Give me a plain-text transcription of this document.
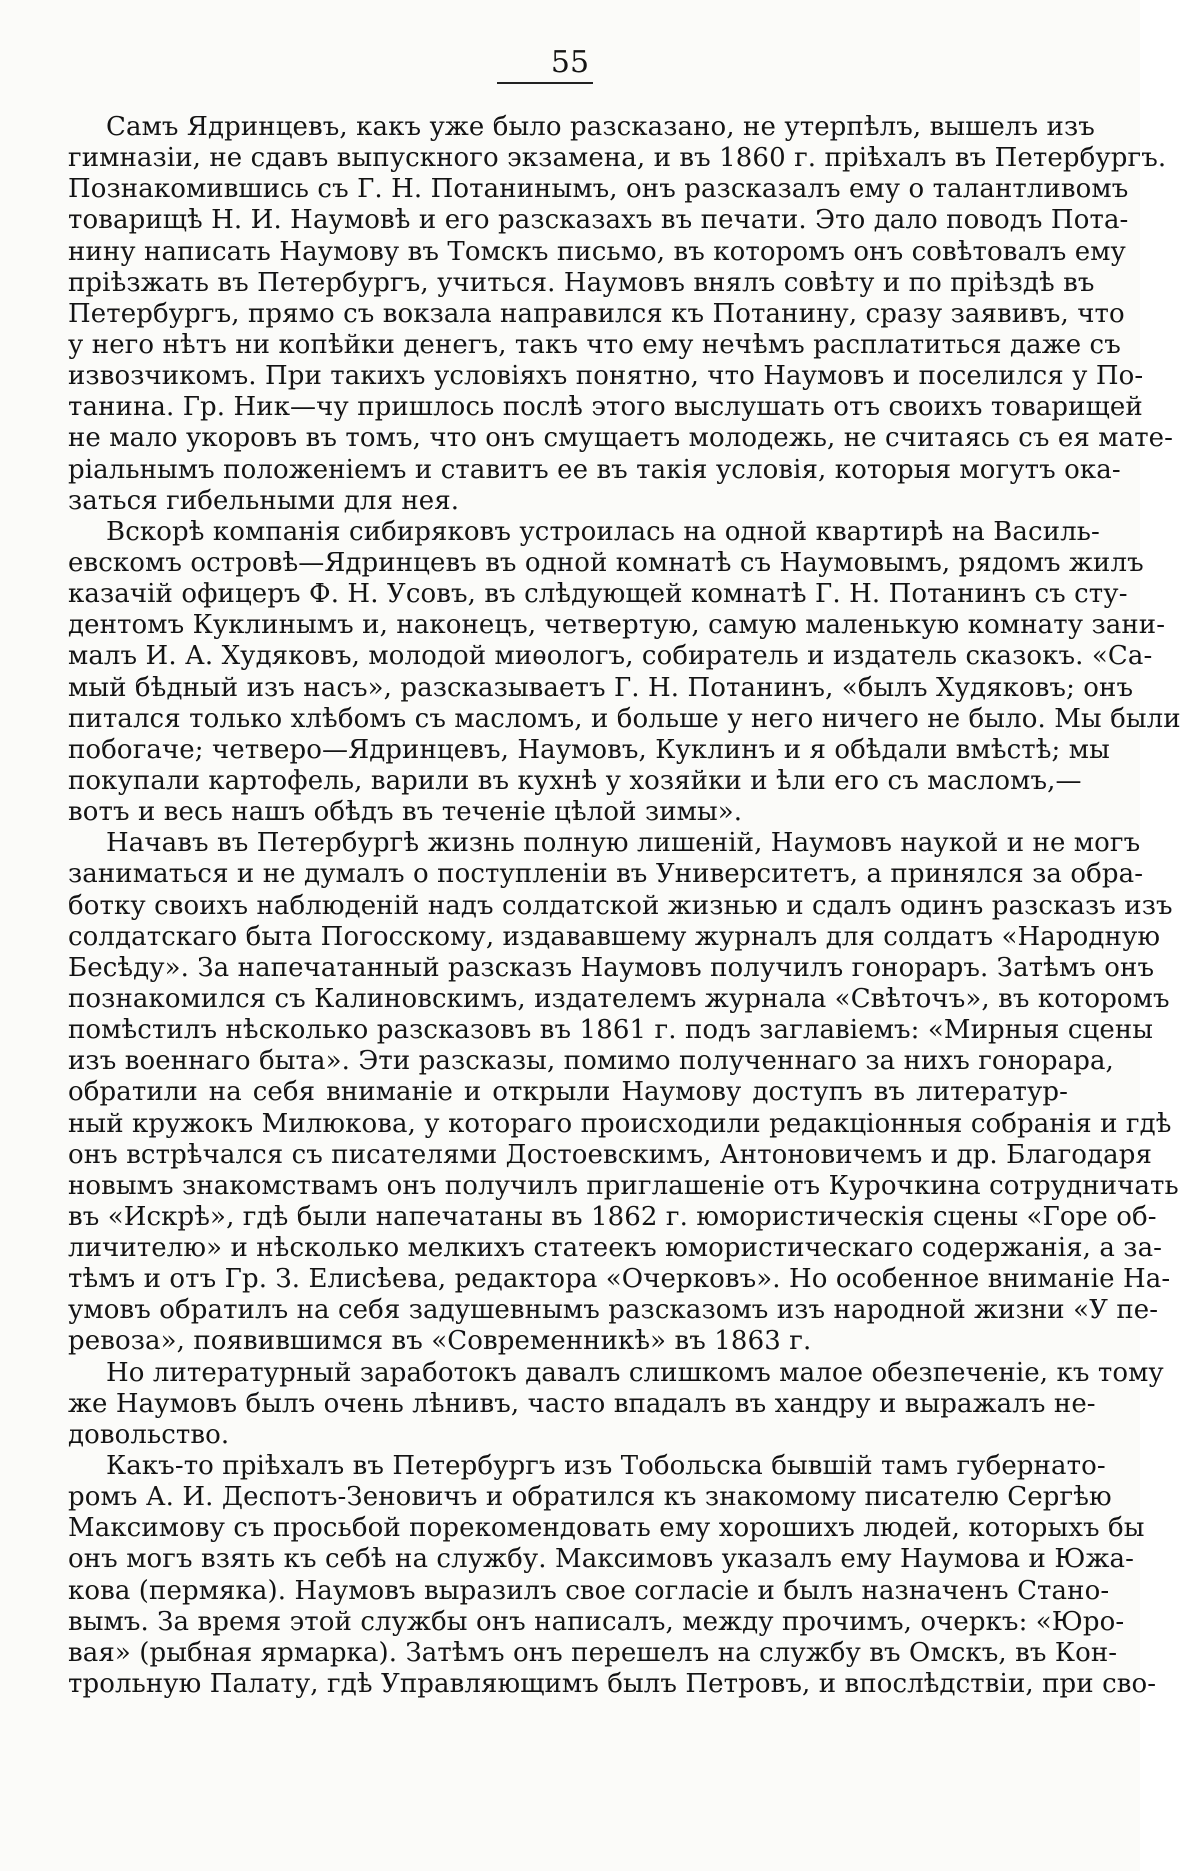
55
Самъ Ядринцевъ, какъ уже было разсказано, не утерпѣлъ, вышелъ изъ
гимназіи, не сдавъ выпускного экзамена, и въ 1860 г. пріѣхалъ въ Петербургъ.
Познакомившись съ Г. Н. Потанинымъ, онъ разсказалъ ему о талантливомъ
товарищѣ Н. И. Наумовѣ и его разсказахъ въ печати. Это дало поводъ Пота-
нину написать Наумову въ Томскъ письмо, въ которомъ онъ совѣтовалъ ему
пріѣзжать въ Петербургъ, учиться. Наумовъ внялъ совѣту и по пріѣздѣ въ
Петербургъ, прямо съ вокзала направился къ Потанину, сразу заявивъ, что
у него нѣтъ ни копѣйки денегъ, такъ что ему нечѣмъ расплатиться даже съ
извозчикомъ. При такихъ условіяхъ понятно, что Наумовъ и поселился у По-
танина. Гр. Ник—чу пришлось послѣ этого выслушать отъ своихъ товарищей
не мало укоровъ въ томъ, что онъ смущаетъ молодежь, не считаясь съ ея мате-
ріальнымъ положеніемъ и ставитъ ее въ такія условія, которыя могутъ ока-
заться гибельными для нея.
Вскорѣ компанія сибиряковъ устроилась на одной квартирѣ на Василь-
евскомъ островѣ—Ядринцевъ въ одной комнатѣ съ Наумовымъ, рядомъ жилъ
казачій офицеръ Ф. Н. Усовъ, въ слѣдующей комнатѣ Г. Н. Потанинъ съ сту-
дентомъ Куклинымъ и, наконецъ, четвертую, самую маленькую комнату зани-
малъ И. А. Худяковъ, молодой миѳологъ, собиратель и издатель сказокъ. «Са-
мый бѣдный изъ насъ», разсказываетъ Г. Н. Потанинъ, «былъ Худяковъ; онъ
питался только хлѣбомъ съ масломъ, и больше у него ничего не было. Мы были
побогаче; четверо—Ядринцевъ, Наумовъ, Куклинъ и я обѣдали вмѣстѣ; мы
покупали картофель, варили въ кухнѣ у хозяйки и ѣли его съ масломъ,—
вотъ и весь нашъ обѣдъ въ теченіе цѣлой зимы».
Начавъ въ Петербургѣ жизнь полную лишеній, Наумовъ наукой и не могъ
заниматься и не думалъ о поступленіи въ Университетъ, а принялся за обра-
ботку своихъ наблюденій надъ солдатской жизнью и сдалъ одинъ разсказъ изъ
солдатскаго быта Погосскому, издававшему журналъ для солдатъ «Народную
Бесѣду». За напечатанный разсказъ Наумовъ получилъ гонораръ. Затѣмъ онъ
познакомился съ Калиновскимъ, издателемъ журнала «Свѣточъ», въ которомъ
помѣстилъ нѣсколько разсказовъ въ 1861 г. подъ заглавіемъ: «Мирныя сцены
изъ военнаго быта». Эти разсказы, помимо полученнаго за нихъ гонорара,
обратили на себя вниманіе и открыли Наумову доступъ въ литератур-
ный кружокъ Милюкова, у котораго происходили редакціонныя собранія и гдѣ
онъ встрѣчался съ писателями Достоевскимъ, Антоновичемъ и др. Благодаря
новымъ знакомствамъ онъ получилъ приглашеніе отъ Курочкина сотрудничать
въ «Искрѣ», гдѣ были напечатаны въ 1862 г. юмористическія сцены «Горе об-
личителю» и нѣсколько мелкихъ статеекъ юмористическаго содержанія, а за-
тѣмъ и отъ Гр. З. Елисѣева, редактора «Очерковъ». Но особенное вниманіе На-
умовъ обратилъ на себя задушевнымъ разсказомъ изъ народной жизни «У пе-
ревоза», появившимся въ «Современникѣ» въ 1863 г.
Но литературный заработокъ давалъ слишкомъ малое обезпеченіе, къ тому
же Наумовъ былъ очень лѣнивъ, часто впадалъ въ хандру и выражалъ не-
довольство.
Какъ-то пріѣхалъ въ Петербургъ изъ Тобольска бывшій тамъ губернато-
ромъ А. И. Деспотъ-Зеновичъ и обратился къ знакомому писателю Сергѣю
Максимову съ просьбой порекомендовать ему хорошихъ людей, которыхъ бы
онъ могъ взять къ себѣ на службу. Максимовъ указалъ ему Наумова и Южа-
кова (пермяка). Наумовъ выразилъ свое согласіе и былъ назначенъ Стано-
вымъ. За время этой службы онъ написалъ, между прочимъ, очеркъ: «Юро-
вая» (рыбная ярмарка). Затѣмъ онъ перешелъ на службу въ Омскъ, въ Кон-
трольную Палату, гдѣ Управляющимъ былъ Петровъ, и впослѣдствіи, при сво-
